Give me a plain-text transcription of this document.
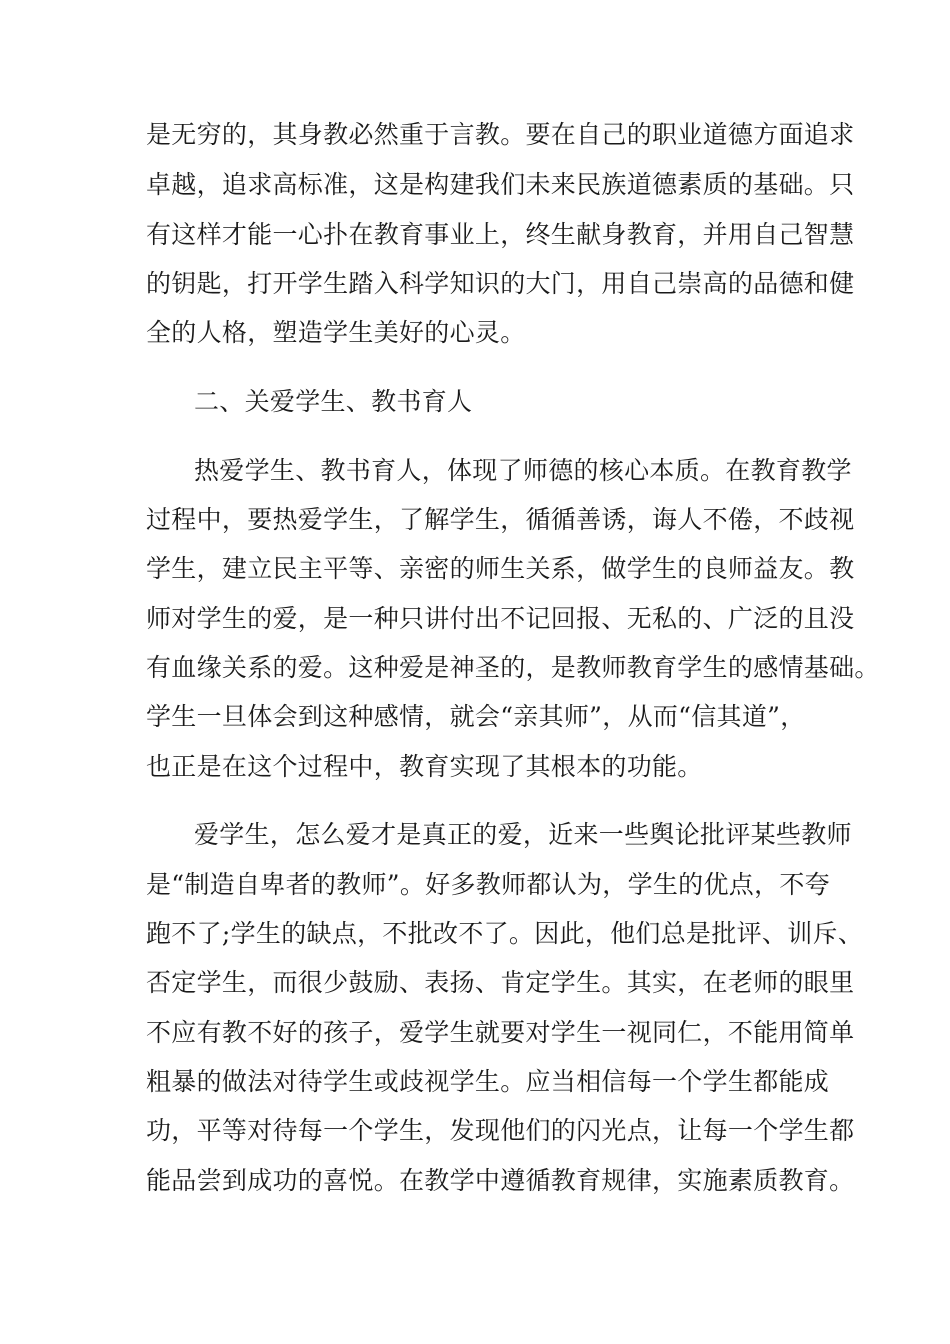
是无穷的，其身教必然重于言教。要在自己的职业道德方面追求
卓越，追求高标准，这是构建我们未来民族道德素质的基础。只
有这样才能一心扑在教育事业上，终生献身教育，并用自己智慧
的钥匙，打开学生踏入科学知识的大门，用自己崇高的品德和健
全的人格，塑造学生美好的心灵。
二、关爱学生、教书育人
热爱学生、教书育人，体现了师德的核心本质。在教育教学
过程中，要热爱学生，了解学生，循循善诱，诲人不倦，不歧视
学生，建立民主平等、亲密的师生关系，做学生的良师益友。教
师对学生的爱，是一种只讲付出不记回报、无私的、广泛的且没
有血缘关系的爱。这种爱是神圣的，是教师教育学生的感情基础。
学生一旦体会到这种感情，就会“亲其师”，从而“信其道”，
也正是在这个过程中，教育实现了其根本的功能。
爱学生，怎么爱才是真正的爱，近来一些舆论批评某些教师
是“制造自卑者的教师”。好多教师都认为，学生的优点，不夸
跑不了;学生的缺点，不批改不了。因此，他们总是批评、训斥、
否定学生，而很少鼓励、表扬、肯定学生。其实，在老师的眼里
不应有教不好的孩子，爱学生就要对学生一视同仁，不能用简单
粗暴的做法对待学生或歧视学生。应当相信每一个学生都能成
功，平等对待每一个学生，发现他们的闪光点，让每一个学生都
能品尝到成功的喜悦。在教学中遵循教育规律，实施素质教育。
